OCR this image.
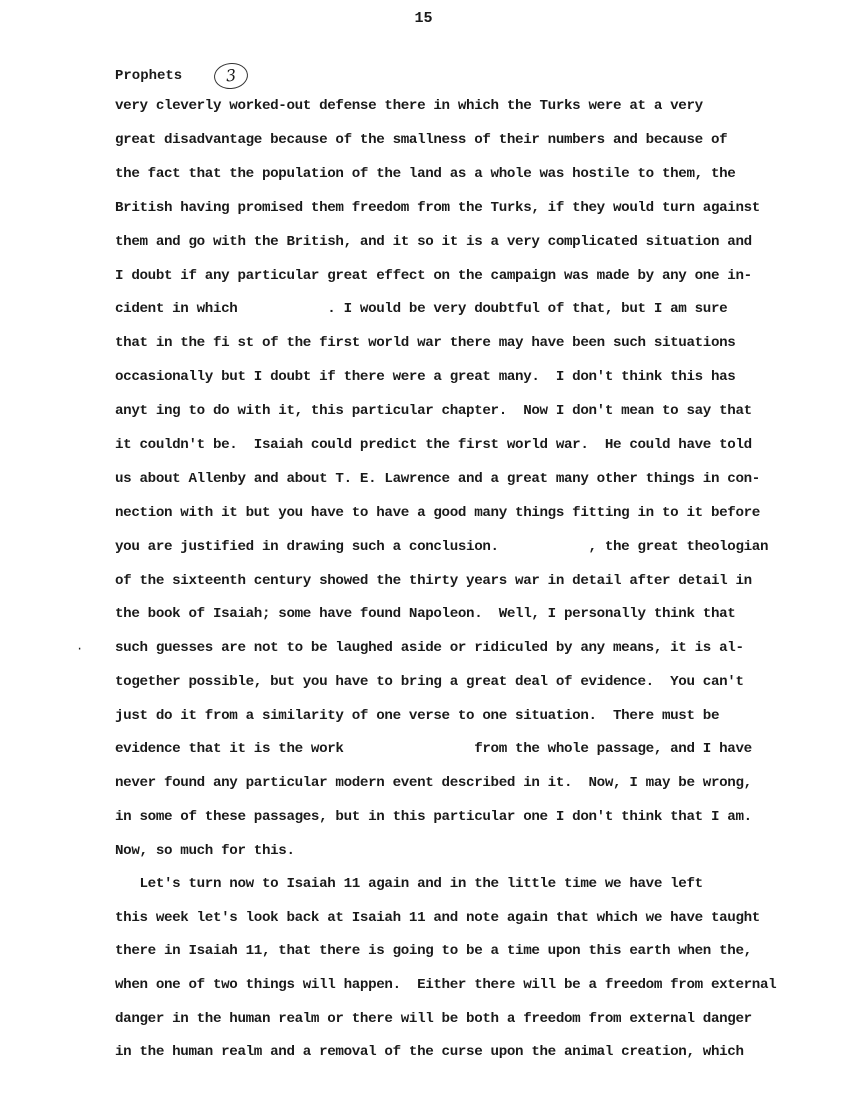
15
Prophets	3
·
very cleverly worked-out defense there in which the Turks were at a very
great disadvantage because of the smallness of their numbers and because of
the fact that the population of the land as a whole was hostile to them, the
British having promised them freedom from the Turks, if they would turn against
them and go with the British, and it so it is a very complicated situation and
I doubt if any particular great effect on the campaign was made by any one in-
cident in which           . I would be very doubtful of that, but I am sure
that in the fi st of the first world war there may have been such situations
occasionally but I doubt if there were a great many.  I don't think this has
anyt ing to do with it, this particular chapter.  Now I don't mean to say that
it couldn't be.  Isaiah could predict the first world war.  He could have told
us about Allenby and about T. E. Lawrence and a great many other things in con-
nection with it but you have to have a good many things fitting in to it before
you are justified in drawing such a conclusion.           , the great theologian
of the sixteenth century showed the thirty years war in detail after detail in
the book of Isaiah; some have found Napoleon.  Well, I personally think that
such guesses are not to be laughed aside or ridiculed by any means, it is al-
together possible, but you have to bring a great deal of evidence.  You can't
just do it from a similarity of one verse to one situation.  There must be
evidence that it is the work                from the whole passage, and I have
never found any particular modern event described in it.  Now, I may be wrong,
in some of these passages, but in this particular one I don't think that I am.
Now, so much for this.
Let's turn now to Isaiah 11 again and in the little time we have left
this week let's look back at Isaiah 11 and note again that which we have taught
there in Isaiah 11, that there is going to be a time upon this earth when the,
when one of two things will happen.  Either there will be a freedom from external
danger in the human realm or there will be both a freedom from external danger
in the human realm and a removal of the curse upon the animal creation, which
